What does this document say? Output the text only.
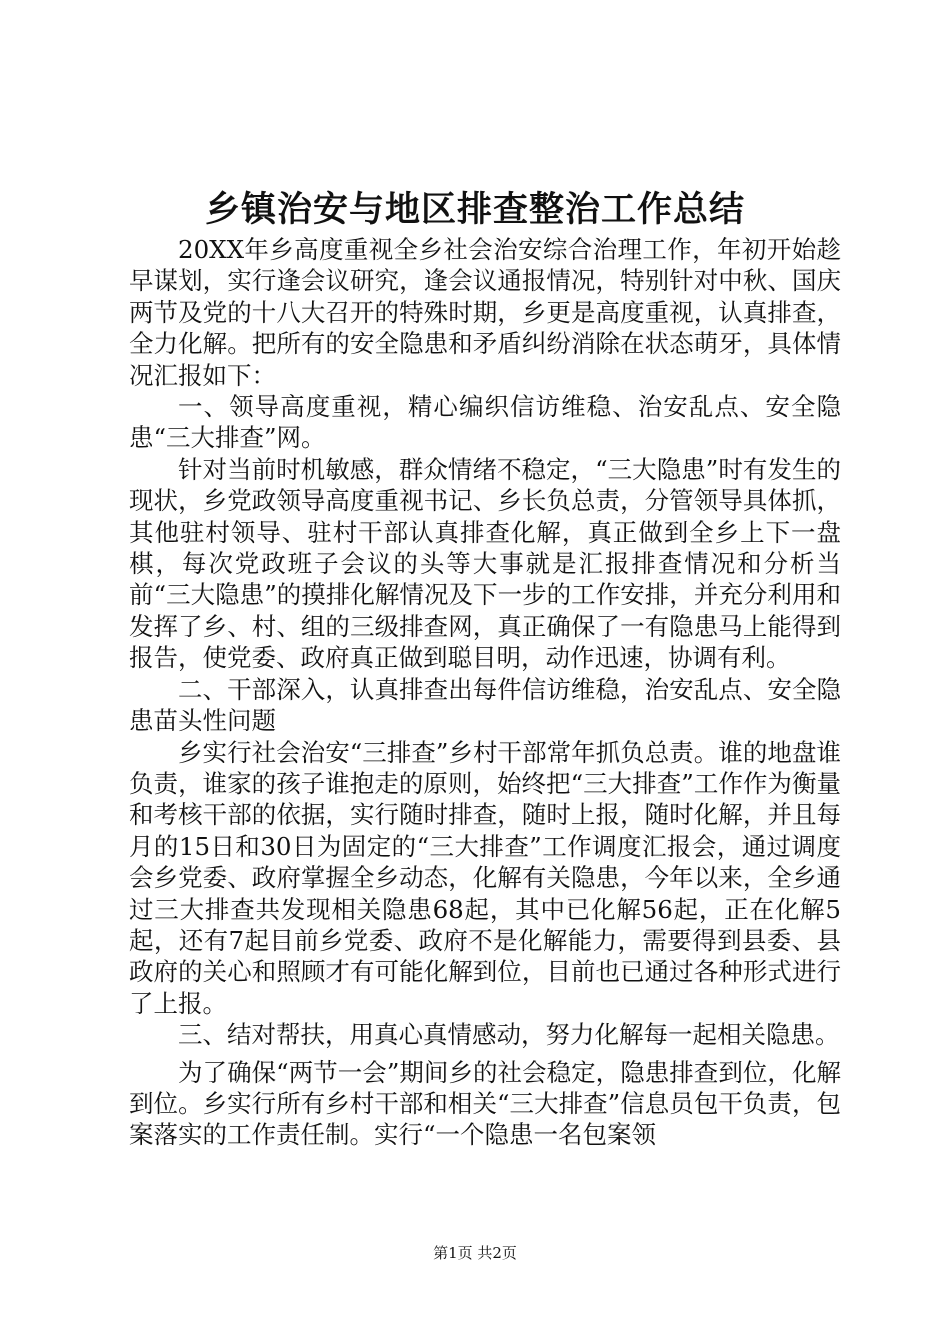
乡镇治安与地区排查整治工作总结

20XX年乡高度重视全乡社会治安综合治理工作，年初开始趁早谋划，实行逢会议研究，逢会议通报情况，特别针对中秋、国庆两节及党的十八大召开的特殊时期，乡更是高度重视，认真排查，全力化解。把所有的安全隐患和矛盾纠纷消除在状态萌牙，具体情况汇报如下：

一、领导高度重视，精心编织信访维稳、治安乱点、安全隐患“三大排查”网。

针对当前时机敏感，群众情绪不稳定，“三大隐患”时有发生的现状，乡党政领导高度重视书记、乡长负总责，分管领导具体抓，其他驻村领导、驻村干部认真排查化解，真正做到全乡上下一盘棋，每次党政班子会议的头等大事就是汇报排查情况和分析当前“三大隐患”的摸排化解情况及下一步的工作安排，并充分利用和发挥了乡、村、组的三级排查网，真正确保了一有隐患马上能得到报告，使党委、政府真正做到聪目明，动作迅速，协调有利。

二、干部深入，认真排查出每件信访维稳，治安乱点、安全隐患苗头性问题

乡实行社会治安“三排查”乡村干部常年抓负总责。谁的地盘谁负责，谁家的孩子谁抱走的原则，始终把“三大排查”工作作为衡量和考核干部的依据，实行随时排查，随时上报，随时化解，并且每月的15日和30日为固定的“三大排查”工作调度汇报会，通过调度会乡党委、政府掌握全乡动态，化解有关隐患，今年以来，全乡通过三大排查共发现相关隐患68起，其中已化解56起，正在化解5起，还有7起目前乡党委、政府不是化解能力，需要得到县委、县政府的关心和照顾才有可能化解到位，目前也已通过各种形式进行了上报。

三、结对帮扶，用真心真情感动，努力化解每一起相关隐患。

为了确保“两节一会”期间乡的社会稳定，隐患排查到位，化解到位。乡实行所有乡村干部和相关“三大排查”信息员包干负责，包案落实的工作责任制。实行“一个隐患一名包案领

第1页 共2页
